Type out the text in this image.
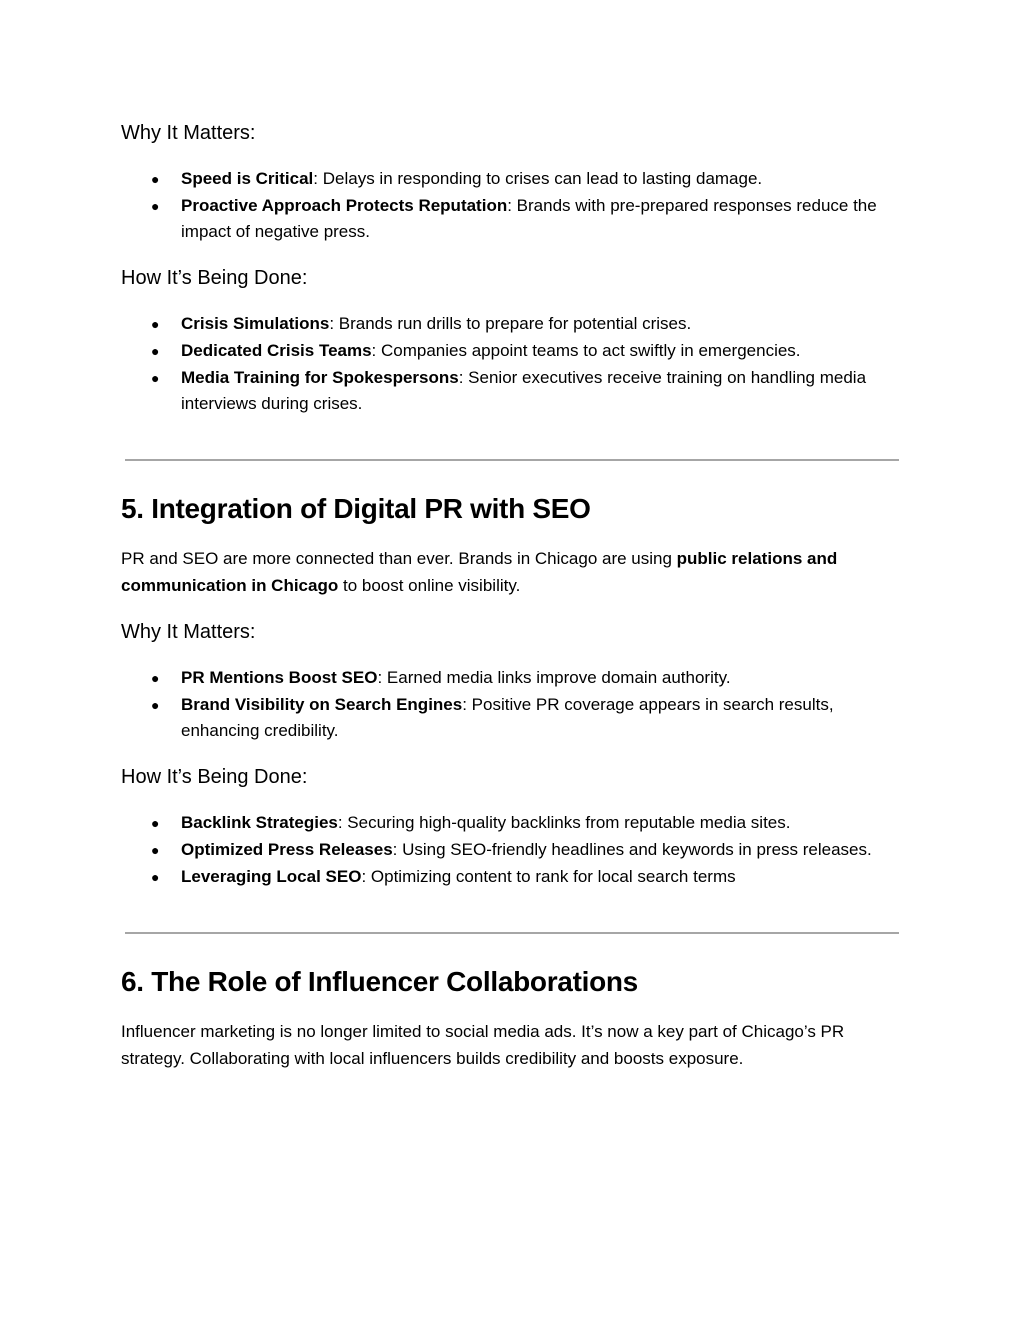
Why It Matters:
● Speed is Critical: Delays in responding to crises can lead to lasting damage.
● Proactive Approach Protects Reputation: Brands with pre-prepared responses reduce the impact of negative press.
How It’s Being Done:
● Crisis Simulations: Brands run drills to prepare for potential crises.
● Dedicated Crisis Teams: Companies appoint teams to act swiftly in emergencies.
● Media Training for Spokespersons: Senior executives receive training on handling media interviews during crises.
5. Integration of Digital PR with SEO

PR and SEO are more connected than ever. Brands in Chicago are using public relations and communication in Chicago to boost online visibility.

Why It Matters:
● PR Mentions Boost SEO: Earned media links improve domain authority.
● Brand Visibility on Search Engines: Positive PR coverage appears in search results, enhancing credibility.
How It’s Being Done:
● Backlink Strategies: Securing high-quality backlinks from reputable media sites.
● Optimized Press Releases: Using SEO-friendly headlines and keywords in press releases.
● Leveraging Local SEO: Optimizing content to rank for local search terms
6. The Role of Influencer Collaborations

Influencer marketing is no longer limited to social media ads. It’s now a key part of Chicago’s PR strategy. Collaborating with local influencers builds credibility and boosts exposure.
